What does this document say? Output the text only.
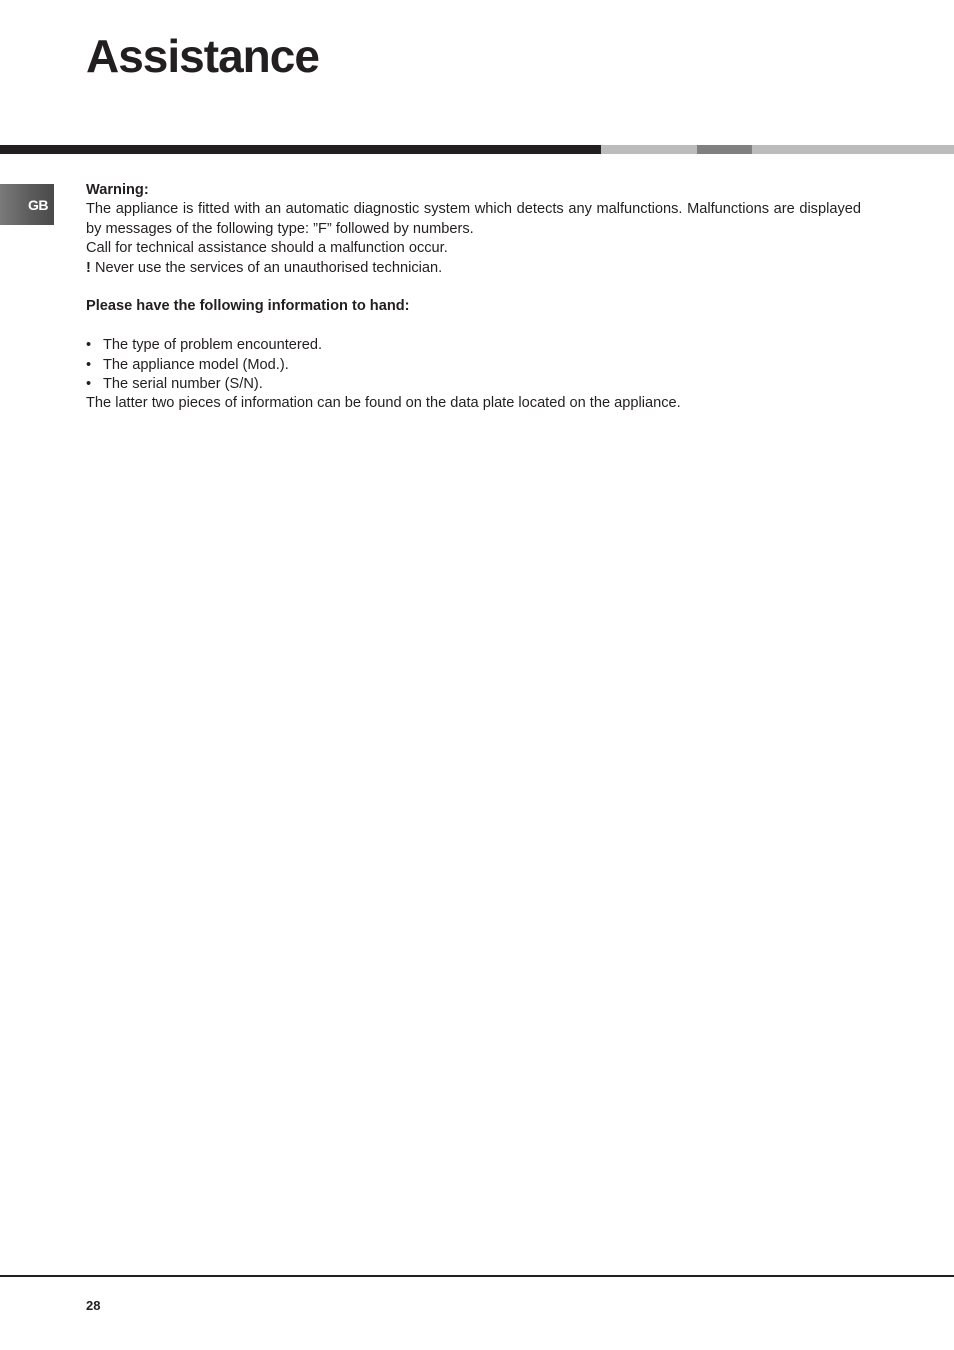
Assistance
GB

Warning:

The appliance is fitted with an automatic diagnostic system which detects any malfunctions. Malfunctions are displayed by messages of the following type: ”F” followed by numbers.

Call for technical assistance should a malfunction occur.

! Never use the services of an unauthorised technician.

Please have the following information to hand:

• The type of problem encountered.
• The appliance model (Mod.).
• The serial number (S/N).

The latter two pieces of information can be found on the data plate located on the appliance.

28
